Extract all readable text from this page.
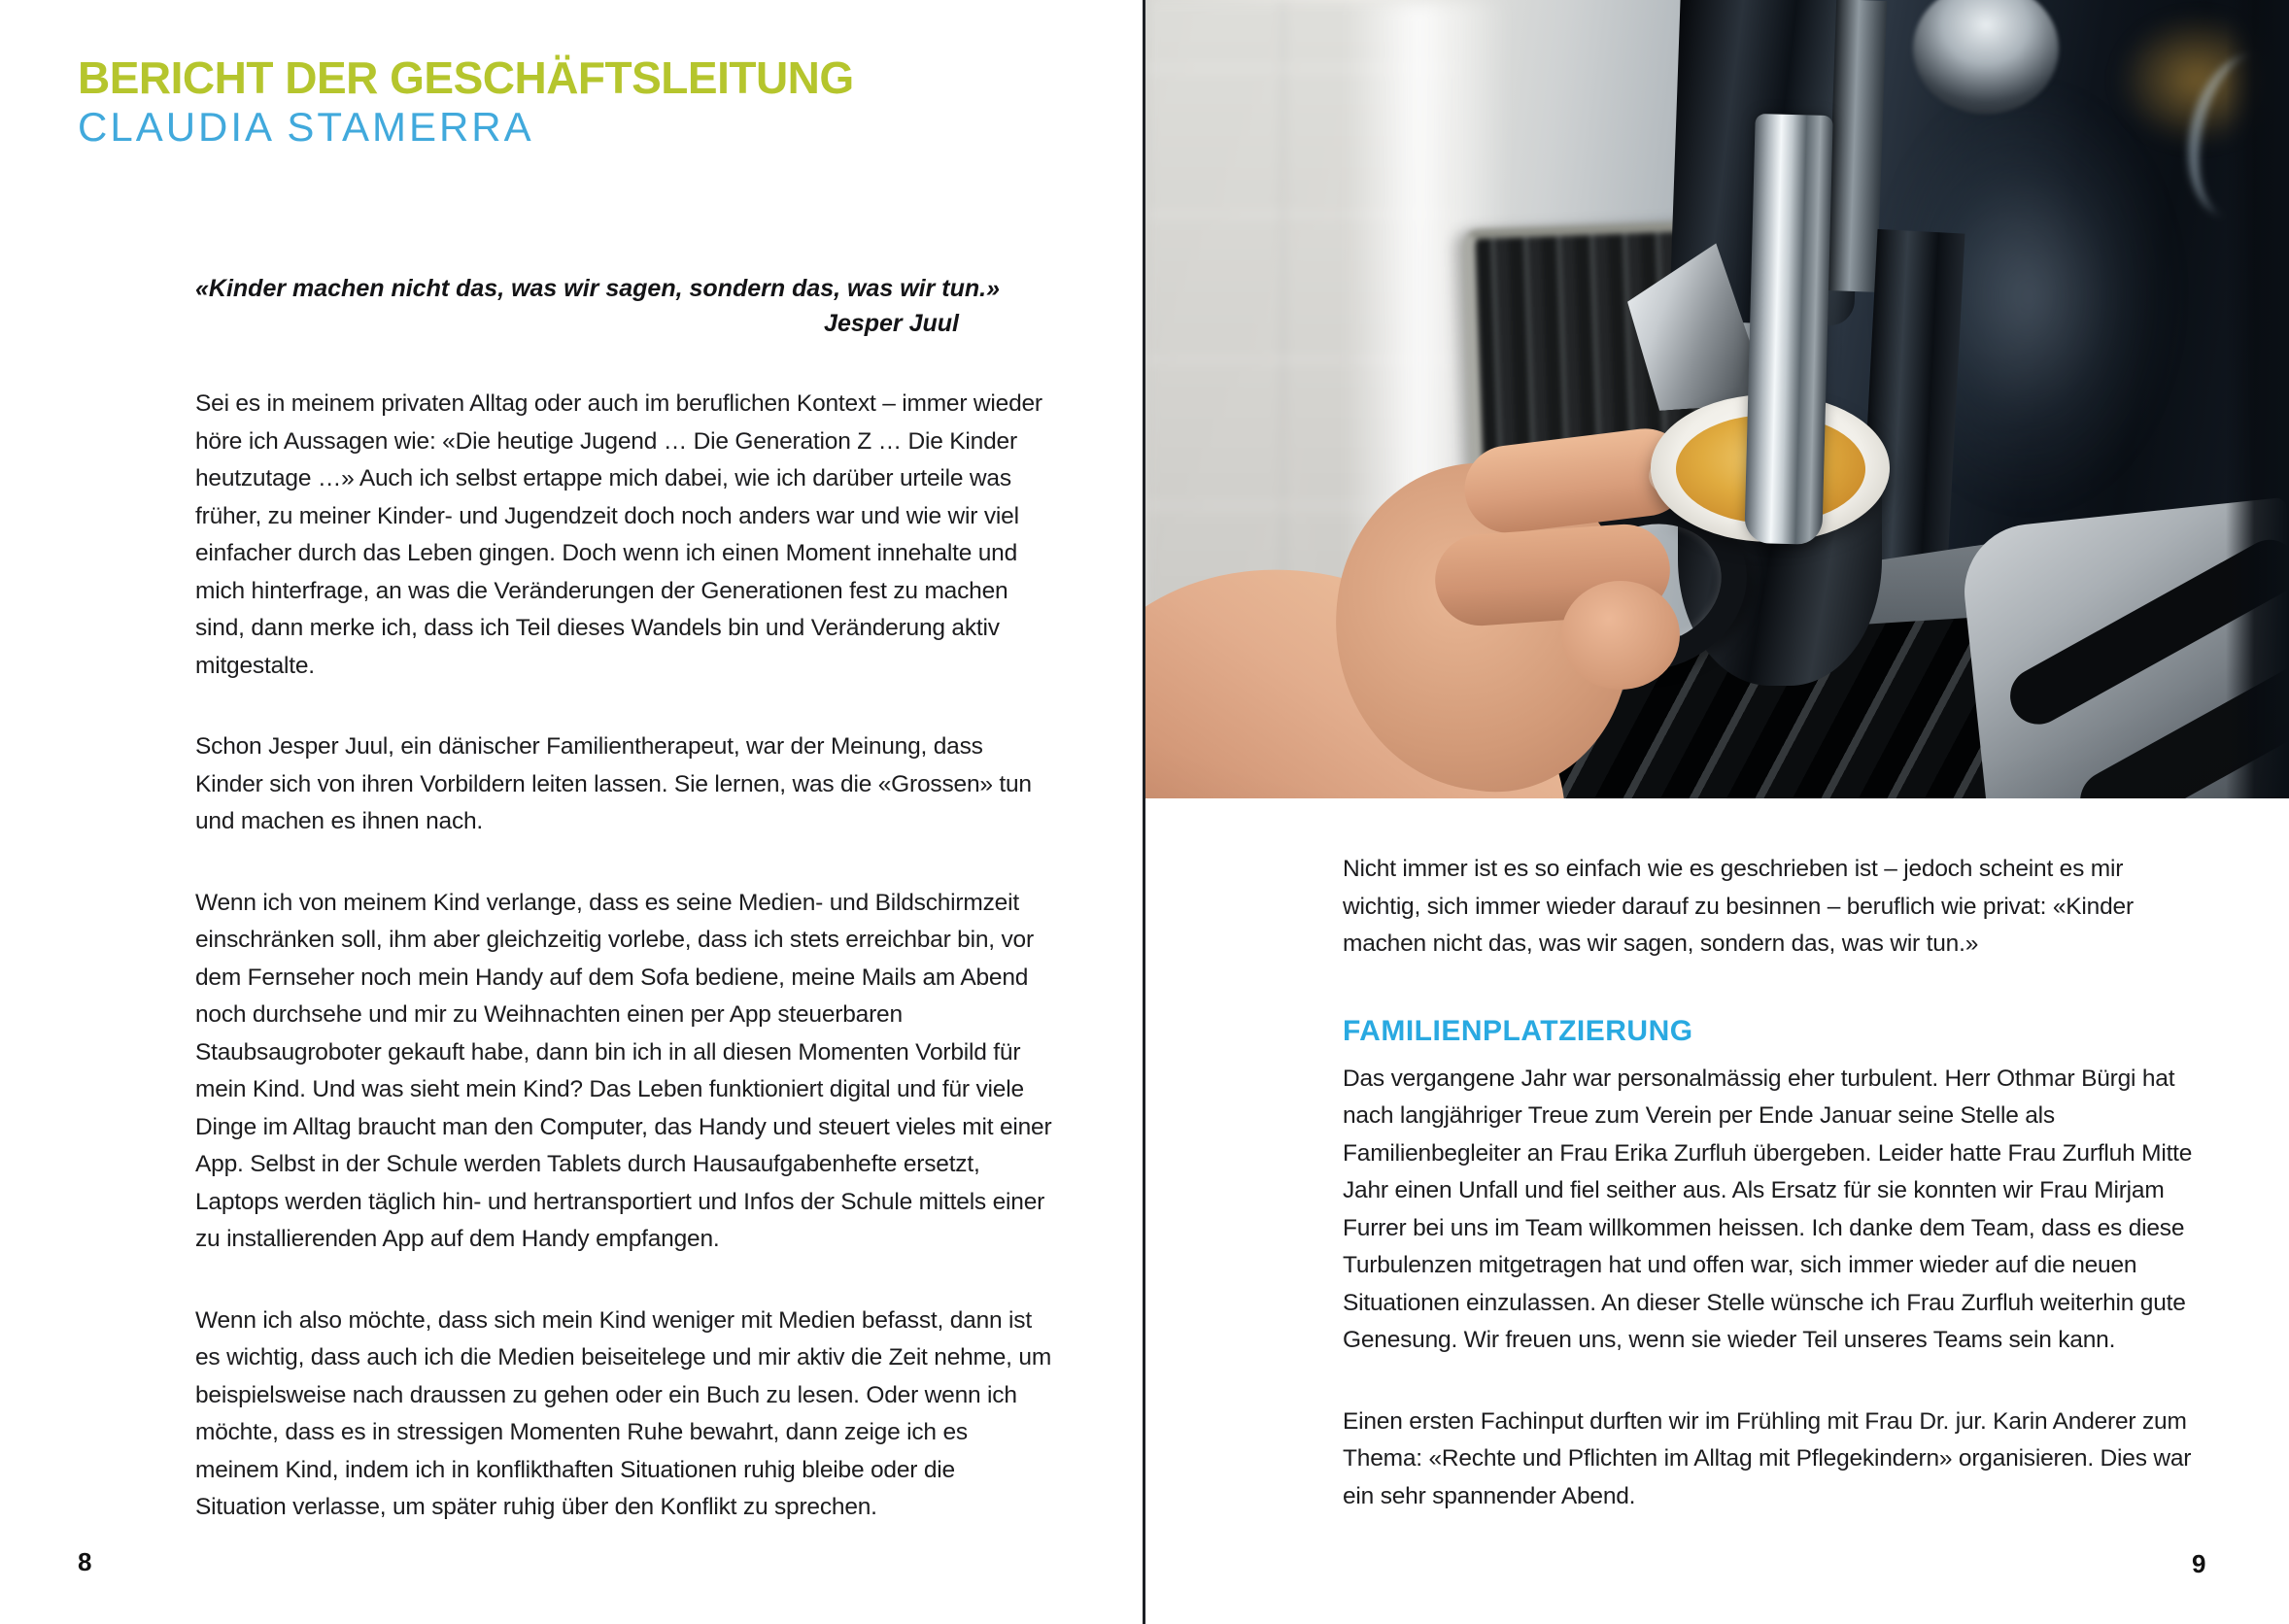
BERICHT DER GESCHÄFTSLEITUNG
CLAUDIA STAMERRA

«Kinder machen nicht das, was wir sagen, sondern das, was wir tun.»

Jesper Juul

Sei es in meinem privaten Alltag oder auch im beruflichen Kontext – immer wieder höre ich Aussagen wie: «Die heutige Jugend … Die Generation Z … Die Kinder heutzutage …» Auch ich selbst ertappe mich dabei, wie ich darüber urteile was früher, zu meiner Kinder- und Jugendzeit doch noch anders war und wie wir viel einfacher durch das Leben gingen. Doch wenn ich einen Moment innehalte und mich hinterfrage, an was die Veränderungen der Generationen fest zu machen sind, dann merke ich, dass ich Teil dieses Wandels bin und Veränderung aktiv mitgestalte.

Schon Jesper Juul, ein dänischer Familientherapeut, war der Meinung, dass Kinder sich von ihren Vorbildern leiten lassen. Sie lernen, was die «Grossen» tun und machen es ihnen nach.

Wenn ich von meinem Kind verlange, dass es seine Medien- und Bildschirmzeit einschränken soll, ihm aber gleichzeitig vorlebe, dass ich stets erreichbar bin, vor dem Fernseher noch mein Handy auf dem Sofa bediene, meine Mails am Abend noch durchsehe und mir zu Weihnachten einen per App steuerbaren Staubsaugroboter gekauft habe, dann bin ich in all diesen Momenten Vorbild für mein Kind. Und was sieht mein Kind? Das Leben funktioniert digital und für viele Dinge im Alltag braucht man den Computer, das Handy und steuert vieles mit einer App. Selbst in der Schule werden Tablets durch Hausaufgabenhefte ersetzt, Laptops werden täglich hin- und hertransportiert und Infos der Schule mittels einer zu installierenden App auf dem Handy empfangen.

Wenn ich also möchte, dass sich mein Kind weniger mit Medien befasst, dann ist es wichtig, dass auch ich die Medien beiseitelege und mir aktiv die Zeit nehme, um beispielsweise nach draussen zu gehen oder ein Buch zu lesen. Oder wenn ich möchte, dass es in stressigen Momenten Ruhe bewahrt, dann zeige ich es meinem Kind, indem ich in konflikthaften Situationen ruhig bleibe oder die Situation verlasse, um später ruhig über den Konflikt zu sprechen.

8

Nicht immer ist es so einfach wie es geschrieben ist – jedoch scheint es mir wichtig, sich immer wieder darauf zu besinnen – beruflich wie privat: «Kinder machen nicht das, was wir sagen, sondern das, was wir tun.»

FAMILIENPLATZIERUNG

Das vergangene Jahr war personalmässig eher turbulent. Herr Othmar Bürgi hat nach langjähriger Treue zum Verein per Ende Januar seine Stelle als Familienbegleiter an Frau Erika Zurfluh übergeben. Leider hatte Frau Zurfluh Mitte Jahr einen Unfall und fiel seither aus. Als Ersatz für sie konnten wir Frau Mirjam Furrer bei uns im Team willkommen heissen. Ich danke dem Team, dass es diese Turbulenzen mitgetragen hat und offen war, sich immer wieder auf die neuen Situationen einzulassen. An dieser Stelle wünsche ich Frau Zurfluh weiterhin gute Genesung. Wir freuen uns, wenn sie wieder Teil unseres Teams sein kann.

Einen ersten Fachinput durften wir im Frühling mit Frau Dr. jur. Karin Anderer zum Thema: «Rechte und Pflichten im Alltag mit Pflegekindern» organisieren. Dies war ein sehr spannender Abend.

9
